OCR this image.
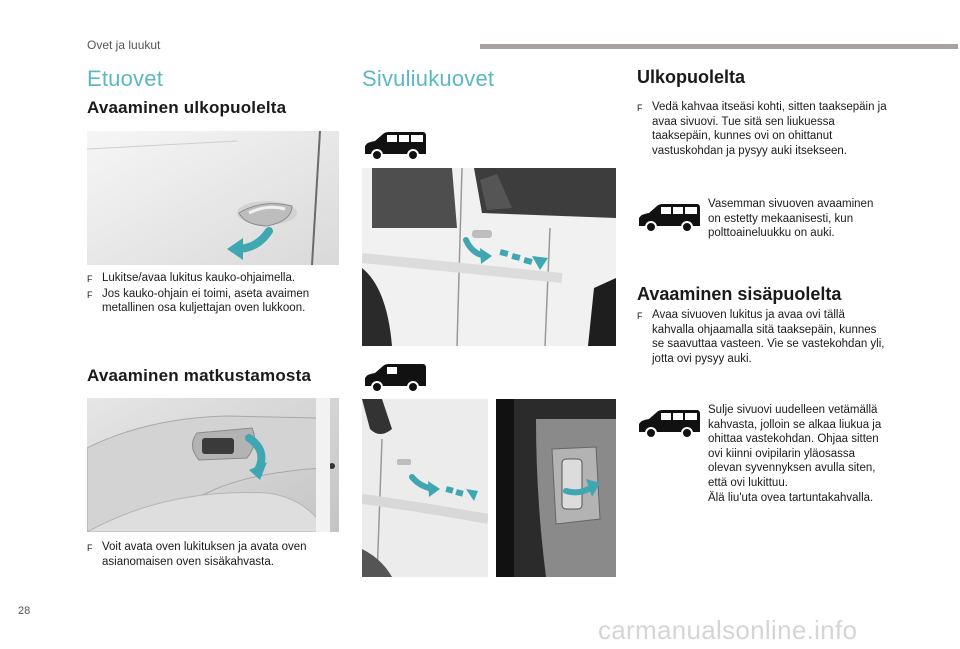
Ovet ja luukut
Etuovet
Avaaminen ulkopuolelta
F Lukitse/avaa lukitus kauko-ohjaimella.
F Jos kauko-ohjain ei toimi, aseta avaimen metallinen osa kuljettajan oven lukkoon.
Avaaminen matkustamosta
F Voit avata oven lukituksen ja avata oven asianomaisen oven sisäkahvasta.
Sivuliukuovet	Ulkopuolelta
F Vedä kahvaa itseäsi kohti, sitten taaksepäin ja avaa sivuovi. Tue sitä sen liukuessa taaksepäin, kunnes ovi on ohittanut vastuskohdan ja pysyy auki itsekseen.
Vasemman sivuoven avaaminen on estetty mekaanisesti, kun polttoaineluukku on auki.
Avaaminen sisäpuolelta
F Avaa sivuoven lukitus ja avaa ovi tällä kahvalla ohjaamalla sitä taaksepäin, kunnes se saavuttaa vasteen. Vie se vastekohdan yli, jotta ovi pysyy auki.
Sulje sivuovi uudelleen vetämällä kahvasta, jolloin se alkaa liukua ja ohittaa vastekohdan. Ohjaa sitten ovi kiinni ovipilarin yläosassa olevan syvennyksen avulla siten, että ovi lukittuu.
Älä liu'uta ovea tartuntakahvalla.
28
carmanualsonline.info
